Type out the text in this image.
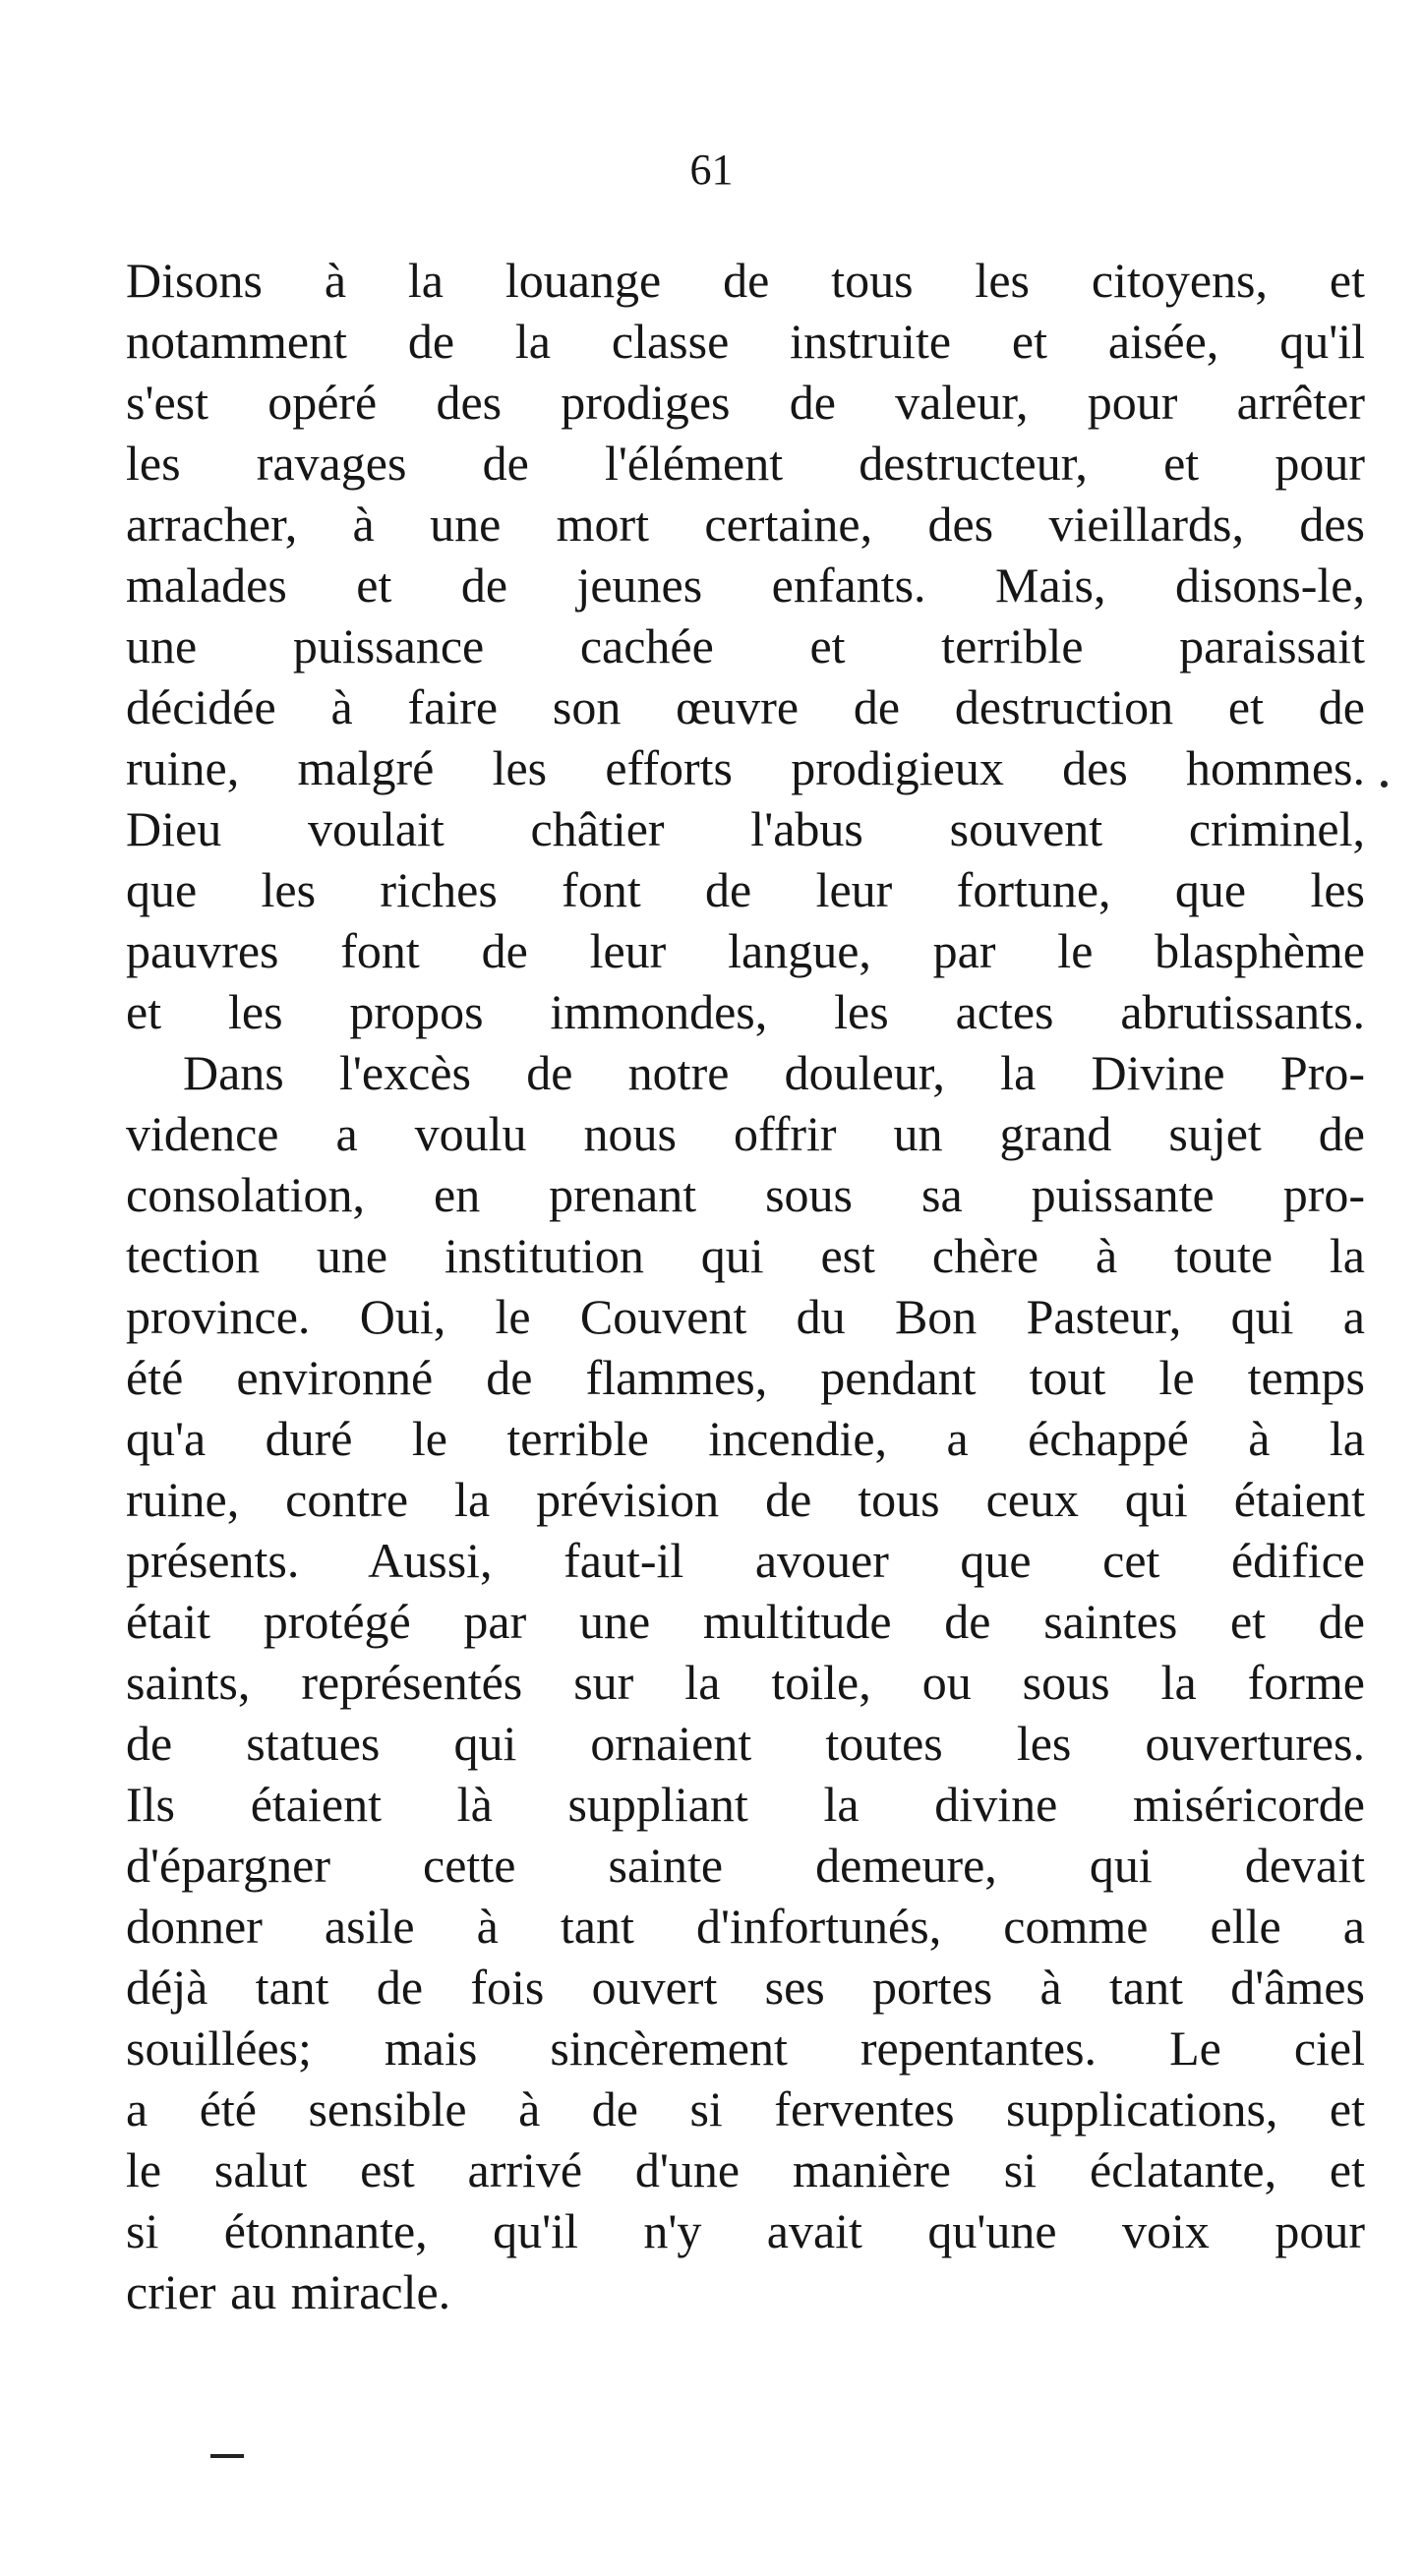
61
Disons à la louange de tous les citoyens, et
notamment de la classe instruite et aisée, qu'il
s'est opéré des prodiges de valeur, pour arrêter
les ravages de l'élément destructeur, et pour
arracher, à une mort certaine, des vieillards, des
malades et de jeunes enfants. Mais, disons-le,
une puissance cachée et terrible paraissait
décidée à faire son œuvre de destruction et de
ruine, malgré les efforts prodigieux des hommes.
Dieu voulait châtier l'abus souvent criminel,
que les riches font de leur fortune, que les
pauvres font de leur langue, par le blasphème
et les propos immondes, les actes abrutissants.
Dans l'excès de notre douleur, la Divine Pro-
vidence a voulu nous offrir un grand sujet de
consolation, en prenant sous sa puissante pro-
tection une institution qui est chère à toute la
province. Oui, le Couvent du Bon Pasteur, qui a
été environné de flammes, pendant tout le temps
qu'a duré le terrible incendie, a échappé à la
ruine, contre la prévision de tous ceux qui étaient
présents. Aussi, faut-il avouer que cet édifice
était protégé par une multitude de saintes et de
saints, représentés sur la toile, ou sous la forme
de statues qui ornaient toutes les ouvertures.
Ils étaient là suppliant la divine miséricorde
d'épargner cette sainte demeure, qui devait
donner asile à tant d'infortunés, comme elle a
déjà tant de fois ouvert ses portes à tant d'âmes
souillées; mais sincèrement repentantes. Le ciel
a été sensible à de si ferventes supplications, et
le salut est arrivé d'une manière si éclatante, et
si étonnante, qu'il n'y avait qu'une voix pour
crier au miracle.
